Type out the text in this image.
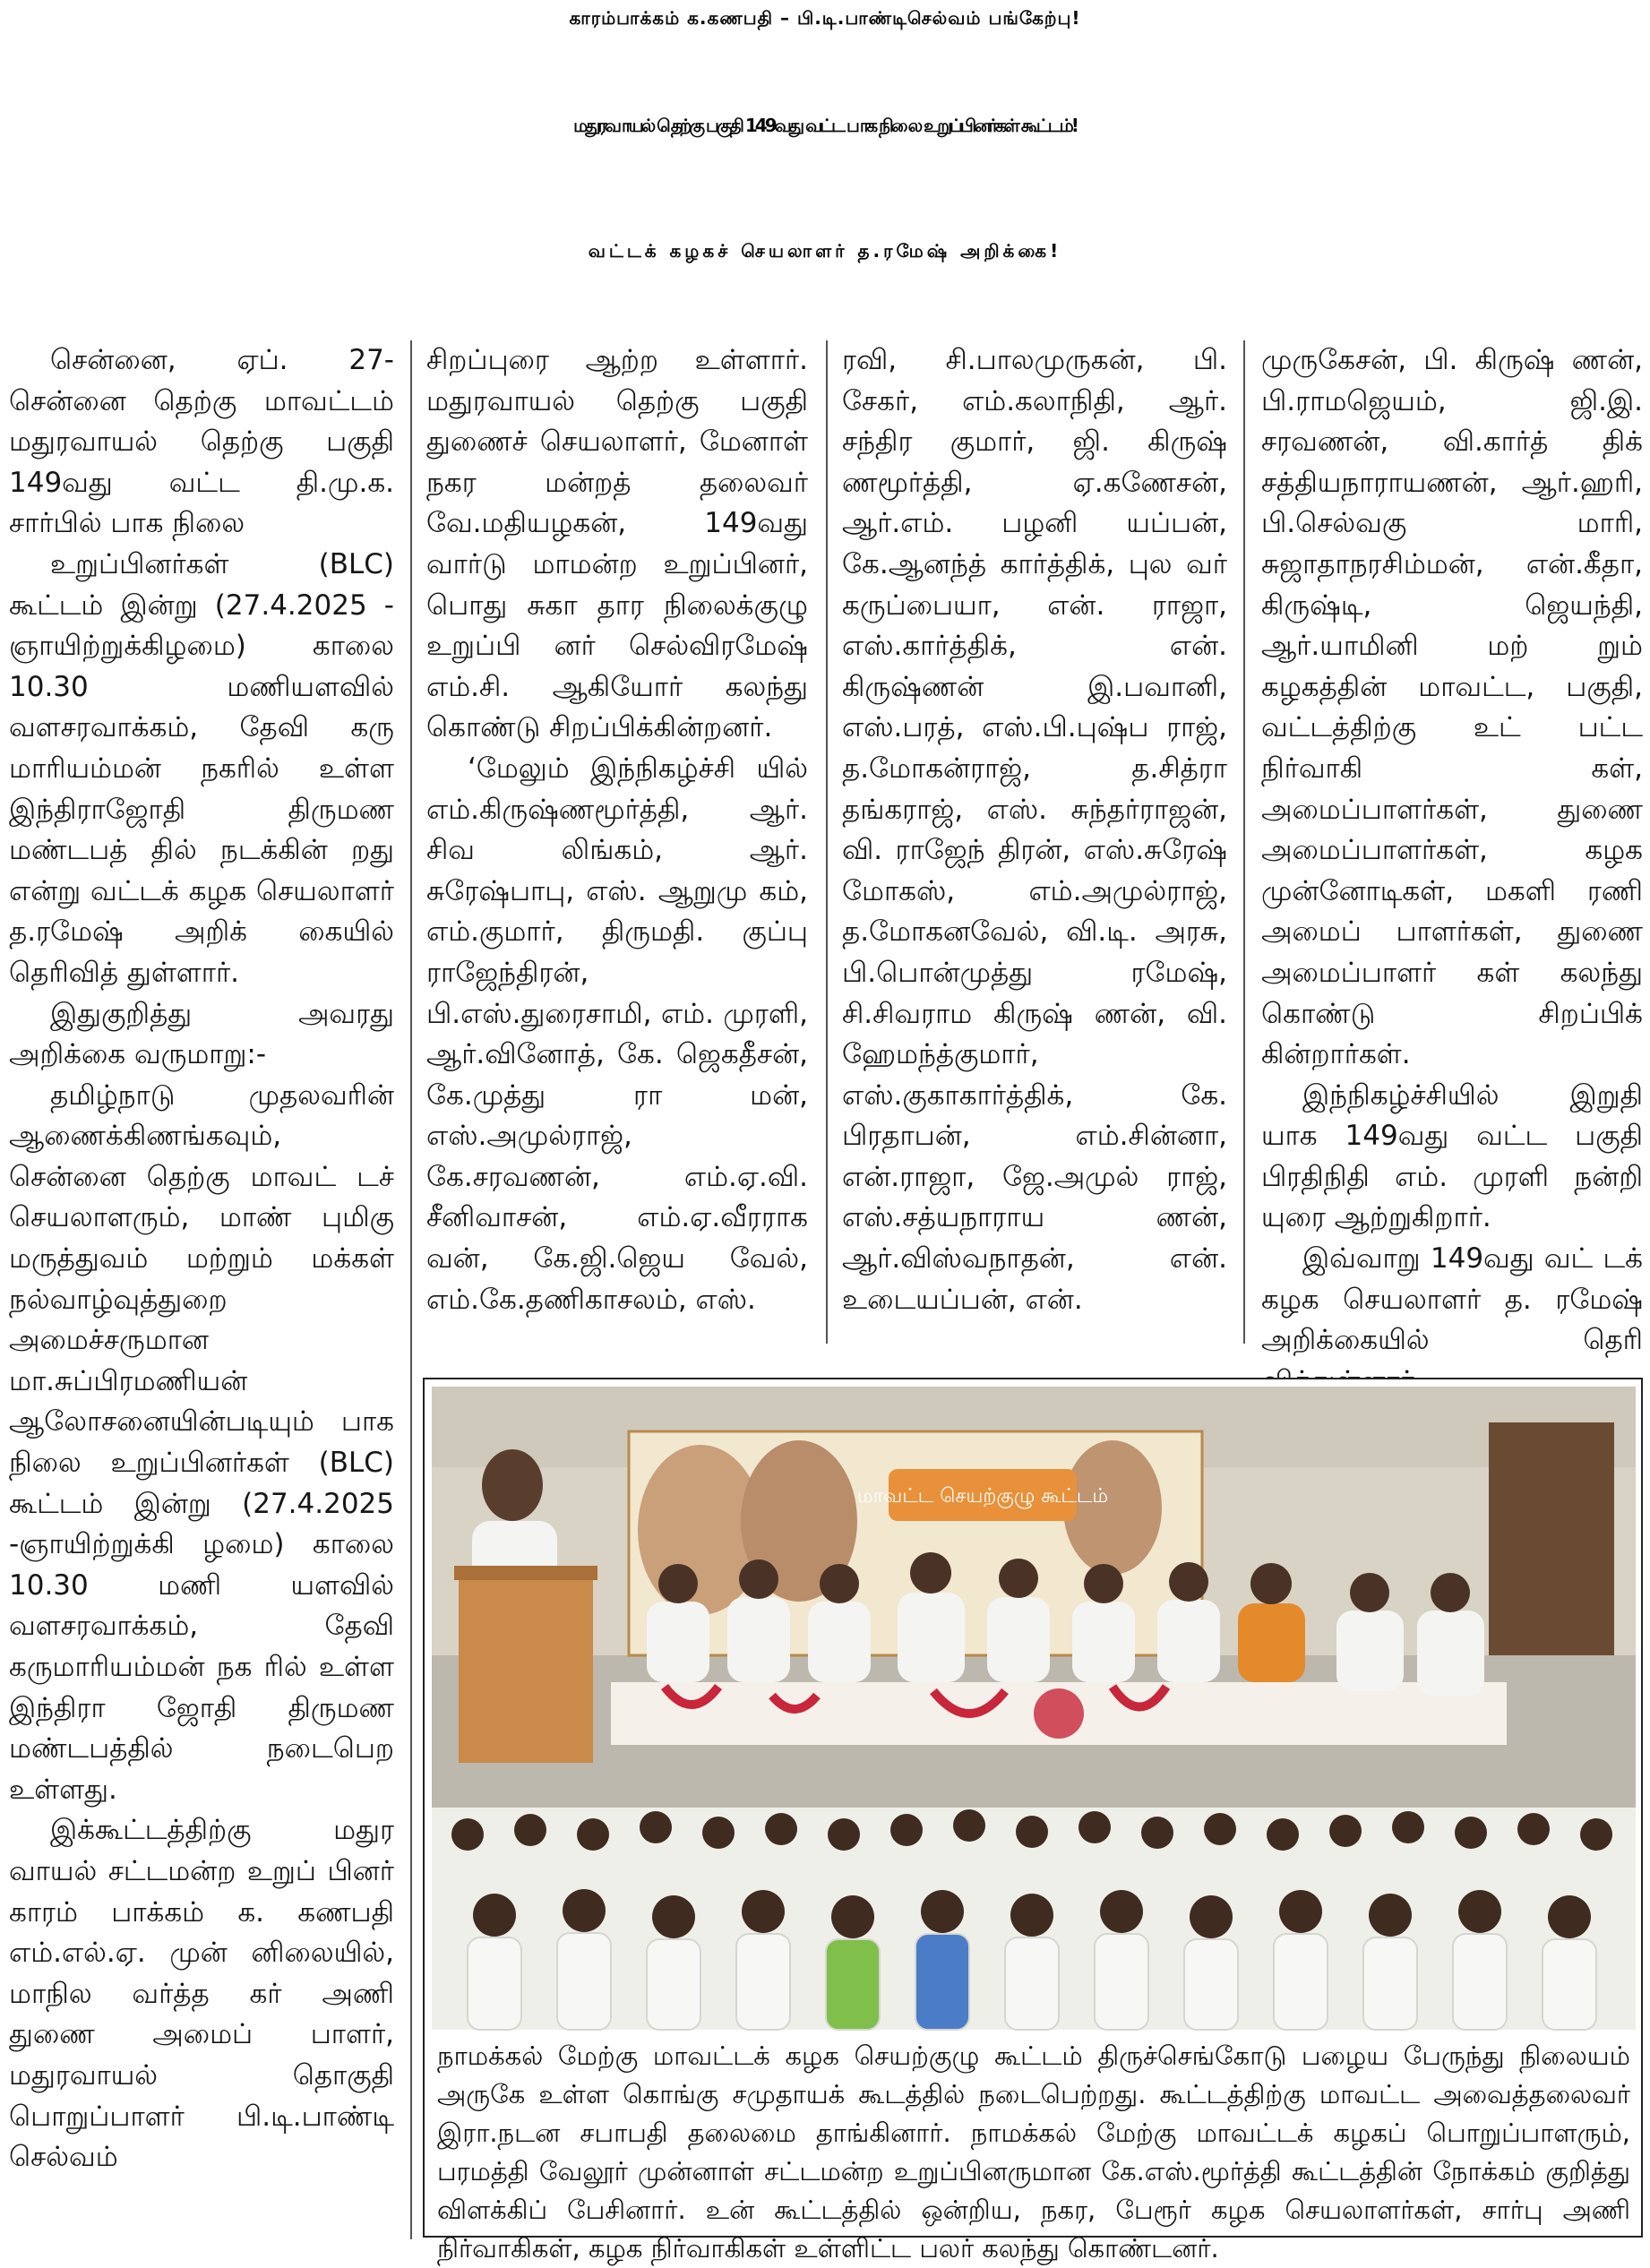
காரம்பாக்கம் க.கணபதி – பி.டி.பாண்டிசெல்வம் பங்கேற்பு!
மதுரவாயல் தெற்கு பகுதி 149வது வட்ட பாக நிலை உறுப்பினர்கள் கூட்டம்!
வட்டக் கழகச் செயலாளர் த.ரமேஷ் அறிக்கை!

சென்னை, ஏப். 27- சென்னை தெற்கு மாவட்டம் மதுரவாயல் தெற்கு பகுதி 149வது வட்ட தி.மு.க. சார்பில் பாக நிலை

உறுப்பினர்கள் (BLC) கூட்டம் இன்று (27.4.2025 - ஞாயிற்றுக்கிழமை) காலை 10.30 மணியளவில் வளசரவாக்கம், தேவி கரு மாரியம்மன் நகரில் உள்ள இந்திராஜோதி திருமண மண்டபத் தில் நடக்கின் றது என்று வட்டக் கழக செயலாளர் த.ரமேஷ் அறிக் கையில் தெரிவித் துள்ளார்.

இதுகுறித்து அவரது அறிக்கை வருமாறு:-

தமிழ்நாடு முதலவரின் ஆணைக்கிணங்கவும், சென்னை தெற்கு மாவட் டச் செயலாளரும், மாண் புமிகு மருத்துவம் மற்றும் மக்கள் நல்வாழ்வுத்துறை அமைச்சருமான மா.சுப்பிரமணியன் ஆலோசனையின்படியும் பாக நிலை உறுப்பினர்கள் (BLC) கூட்டம் இன்று (27.4.2025 -ஞாயிற்றுக்கி ழமை) காலை 10.30 மணி யளவில் வளசரவாக்கம், தேவி கருமாரியம்மன் நக ரில் உள்ள இந்திரா ஜோதி திருமண மண்டபத்தில் நடைபெற உள்ளது.

இக்கூட்டத்திற்கு மதுர வாயல் சட்டமன்ற உறுப் பினர் காரம் பாக்கம் க. கணபதி எம்.எல்.ஏ. முன் னிலையில், மாநில வர்த்த கர் அணி துணை அமைப் பாளர், மதுரவாயல் தொகுதி பொறுப்பாளர் பி.டி.பாண்டி செல்வம்

சிறப்புரை ஆற்ற உள்ளார். மதுரவாயல் தெற்கு பகுதி துணைச் செயலாளர், மேனாள் நகர மன்றத் தலைவர் வே.மதியழகன், 149வது வார்டு மாமன்ற உறுப்பினர், பொது சுகா தார நிலைக்குழு உறுப்பி னர் செல்விரமேஷ் எம்.சி. ஆகியோர் கலந்து கொண்டு சிறப்பிக்கின்றனர்.

‘மேலும் இந்நிகழ்ச்சி யில் எம்.கிருஷ்ணமூர்த்தி, ஆர். சிவ லிங்கம், ஆர். சுரேஷ்பாபு, எஸ். ஆறுமு கம், எம்.குமார், திருமதி. குப்பு ராஜேந்திரன், பி.எஸ்.துரைசாமி, எம். முரளி, ஆர்.வினோத், கே. ஜெகதீசன், கே.முத்து ரா மன், எஸ்.அமுல்ராஜ், கே.சரவணன், எம்.ஏ.வி. சீனிவாசன், எம்.ஏ.வீரராக வன், கே.ஜி.ஜெய வேல், எம்.கே.தணிகாசலம், எஸ்.

ரவி, சி.பாலமுருகன், பி. சேகர், எம்.கலாநிதி, ஆர். சந்திர குமார், ஜி. கிருஷ் ணமூர்த்தி, ஏ.கணேசன், ஆர்.எம். பழனி யப்பன், கே.ஆனந்த் கார்த்திக், புல வர் கருப்பையா, என். ராஜா, எஸ்.கார்த்திக், என். கிருஷ்ணன் இ.பவானி, எஸ்.பரத், எஸ்.பி.புஷ்ப ராஜ், த.மோகன்ராஜ், த.சித்ரா தங்கராஜ், எஸ். சுந்தர்ராஜன், வி. ராஜேந் திரன், எஸ்.சுரேஷ் மோகஸ், எம்.அமுல்ராஜ், த.மோகனவேல், வி.டி. அரசு, பி.பொன்முத்து ரமேஷ், சி.சிவராம கிருஷ் ணன், வி. ஹேமந்த்குமார், எஸ்.குகாகார்த்திக், கே. பிரதாபன், எம்.சின்னா, என்.ராஜா, ஜே.அமுல் ராஜ், எஸ்.சத்யநாராய ணன், ஆர்.விஸ்வநாதன், என். உடையப்பன், என்.

முருகேசன், பி. கிருஷ் ணன், பி.ராமஜெயம், ஜி.இ. சரவணன், வி.கார்த் திக் சத்தியநாராயணன், ஆர்.ஹரி, பி.செல்வகு மாரி, சுஜாதாநரசிம்மன், என்.கீதா, கிருஷ்டி, ஜெயந்தி, ஆர்.யாமினி மற் றும் கழகத்தின் மாவட்ட, பகுதி, வட்டத்திற்கு உட் பட்ட நிர்வாகி கள், அமைப்பாளர்கள், துணை அமைப்பாளர்கள், கழக முன்னோடிகள், மகளி ரணி அமைப் பாளர்கள், துணை அமைப்பாளர் கள் கலந்து கொண்டு சிறப்பிக் கின்றார்கள்.

இந்நிகழ்ச்சியில் இறுதி யாக 149வது வட்ட பகுதி பிரதிநிதி எம். முரளி நன்றி யுரை ஆற்றுகிறார்.

இவ்வாறு 149வது வட் டக் கழக செயலாளர் த. ரமேஷ் அறிக்கையில் தெரி

மாவட்ட செயற்குழு கூட்டம்
நாமக்கல் மேற்கு மாவட்டக் கழக செயற்குழு கூட்டம் திருச்செங்கோடு பழைய பேருந்து நிலையம் அருகே உள்ள கொங்கு சமுதாயக் கூடத்தில் நடைபெற்றது. கூட்டத்திற்கு மாவட்ட அவைத்தலைவர் இரா.நடன சபாபதி தலைமை தாங்கினார். நாமக்கல் மேற்கு மாவட்டக் கழகப் பொறுப்பாளரும், பரமத்தி வேலூர் முன்னாள் சட்டமன்ற உறுப்பினருமான கே.எஸ்.மூர்த்தி கூட்டத்தின் நோக்கம் குறித்து விளக்கிப் பேசினார். உன் கூட்டத்தில் ஒன்றிய, நகர, பேரூர் கழக செயலாளர்கள், சார்பு அணி நிர்வாகிகள், கழக நிர்வாகிகள் உள்ளிட்ட பலர் கலந்து கொண்டனர்.
